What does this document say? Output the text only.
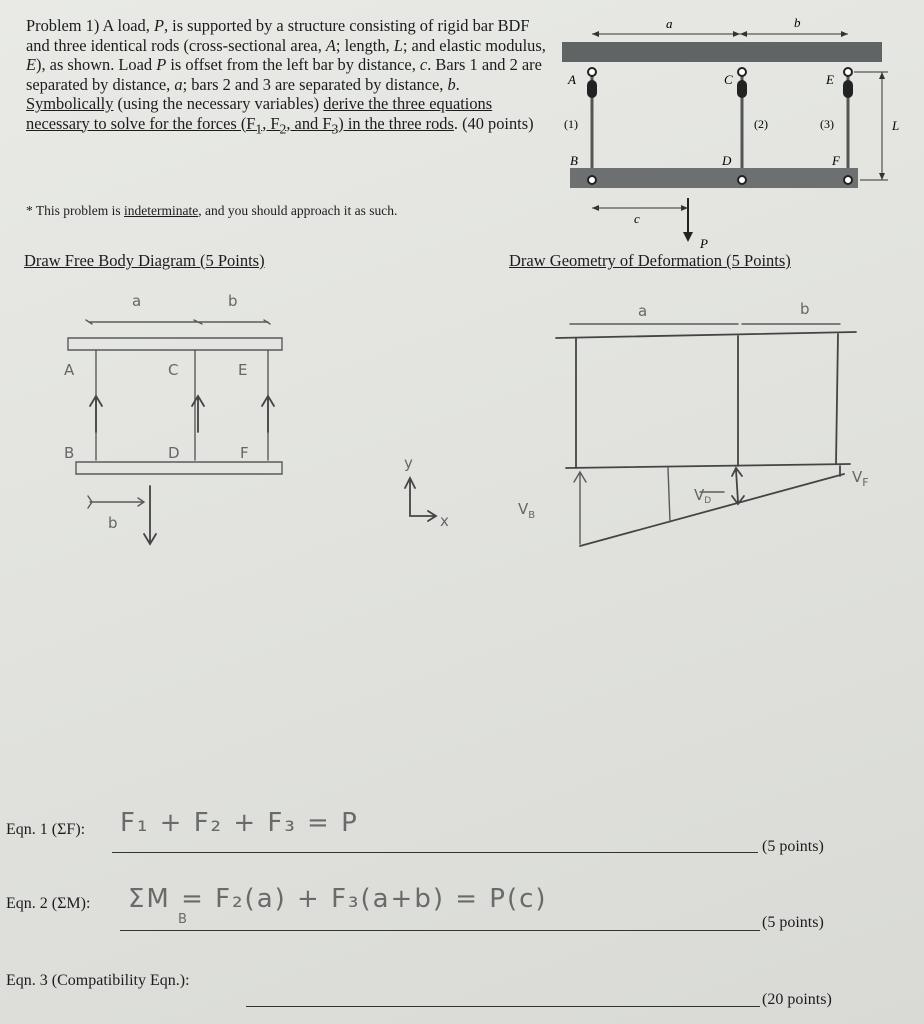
Problem 1) A load, P, is supported by a structure consisting of rigid bar BDF and three identical rods (cross-sectional area, A; length, L; and elastic modulus, E), as shown. Load P is offset from the left bar by distance, c. Bars 1 and 2 are separated by distance, a; bars 2 and 3 are separated by distance, b. Symbolically (using the necessary variables) derive the three equations necessary to solve for the forces ($F_1$, $F_2$, and $F_3$) in the three rods. (40 points)

* This problem is indeterminate, and you should approach it as such.

a	b
A	C	E
(1)	(2)	(3)
B	D	F
L
c
P

Draw Free Body Diagram (5 Points)	Draw Geometry of Deformation (5 Points)

a	b
A	C	E
B	D	F
b
y
x
a	b
$V_B$
$V_D$
$V_F$

Eqn. 1 (ΣF): F₁ + F₂ + F₃ = P

(5 points)

Eqn. 2 (ΣM): ΣM = F₂(a) + F₃(a+b) = P(c)

B	(5 points)

Eqn. 3 (Compatibility Eqn.):

(20 points)
